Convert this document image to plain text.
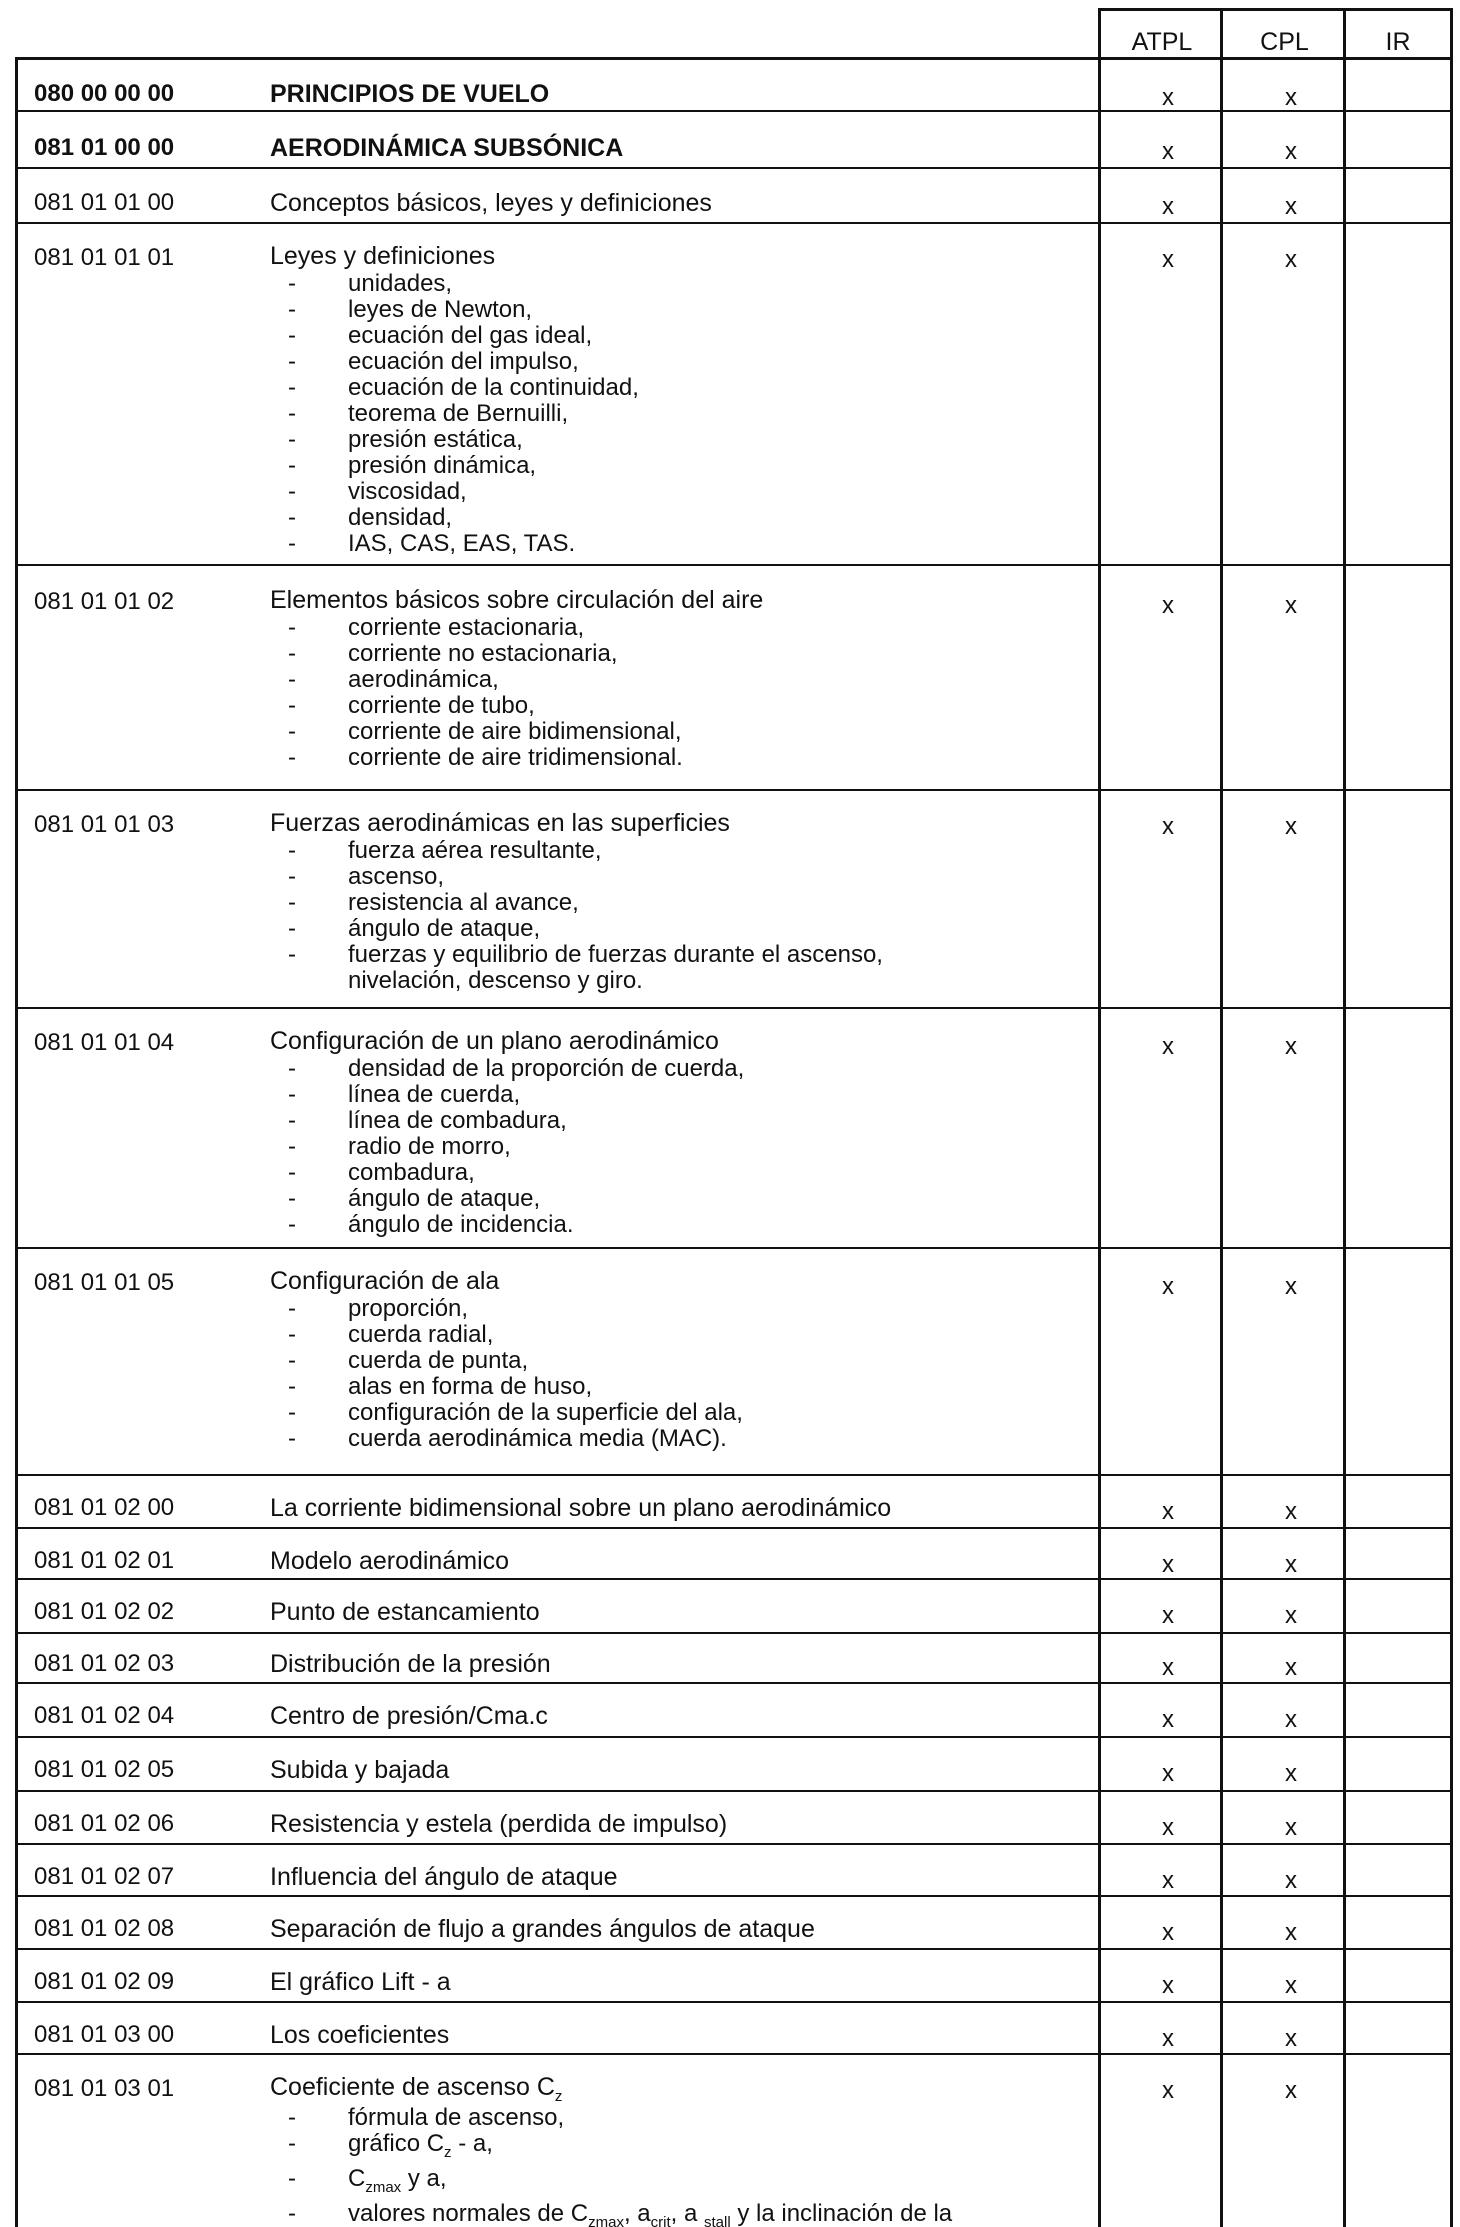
ATPL	CPL	IR
080 00 00 00	PRINCIPIOS DE VUELO	x	x
081 01 00 00	AERODINÁMICA SUBSÓNICA	x	x
081 01 01 00	Conceptos básicos, leyes y definiciones	x	x
081 01 01 01	Leyes y definiciones
- unidades,
- leyes de Newton,
- ecuación del gas ideal,
- ecuación del impulso,
- ecuación de la continuidad,
- teorema de Bernuilli,
- presión estática,
- presión dinámica,
- viscosidad,
- densidad,
- IAS, CAS, EAS, TAS.
x	x
081 01 01 02	Elementos básicos sobre circulación del aire
- corriente estacionaria,
- corriente no estacionaria,
- aerodinámica,
- corriente de tubo,
- corriente de aire bidimensional,
- corriente de aire tridimensional.
x	x
081 01 01 03	Fuerzas aerodinámicas en las superficies
- fuerza aérea resultante,
- ascenso,
- resistencia al avance,
- ángulo de ataque,
- fuerzas y equilibrio de fuerzas durante el ascenso,
nivelación, descenso y giro.
x	x
081 01 01 04	Configuración de un plano aerodinámico
- densidad de la proporción de cuerda,
- línea de cuerda,
- línea de combadura,
- radio de morro,
- combadura,
- ángulo de ataque,
- ángulo de incidencia.
x	x
081 01 01 05	Configuración de ala
- proporción,
- cuerda radial,
- cuerda de punta,
- alas en forma de huso,
- configuración de la superficie del ala,
- cuerda aerodinámica media (MAC).
x	x
081 01 02 00	La corriente bidimensional sobre un plano aerodinámico	x	x
081 01 02 01	Modelo aerodinámico	x	x
081 01 02 02	Punto de estancamiento	x	x
081 01 02 03	Distribución de la presión	x	x
081 01 02 04	Centro de presión/Cma.c	x	x
081 01 02 05	Subida y bajada	x	x
081 01 02 06	Resistencia y estela (perdida de impulso)	x	x
081 01 02 07	Influencia del ángulo de ataque	x	x
081 01 02 08	Separación de flujo a grandes ángulos de ataque	x	x
081 01 02 09	El gráfico Lift - a	x	x
081 01 03 00	Los coeficientes	x	x
081 01 03 01	Coeficiente de ascenso $C_z$
- fórmula de ascenso,
- gráfico $C_z$ - a,
- $C_{zmax}$ y a,
- valores normales de $C_{zmax}$, $a_{crit}$, a $_{stall}$ y la inclinación de la
x	x
